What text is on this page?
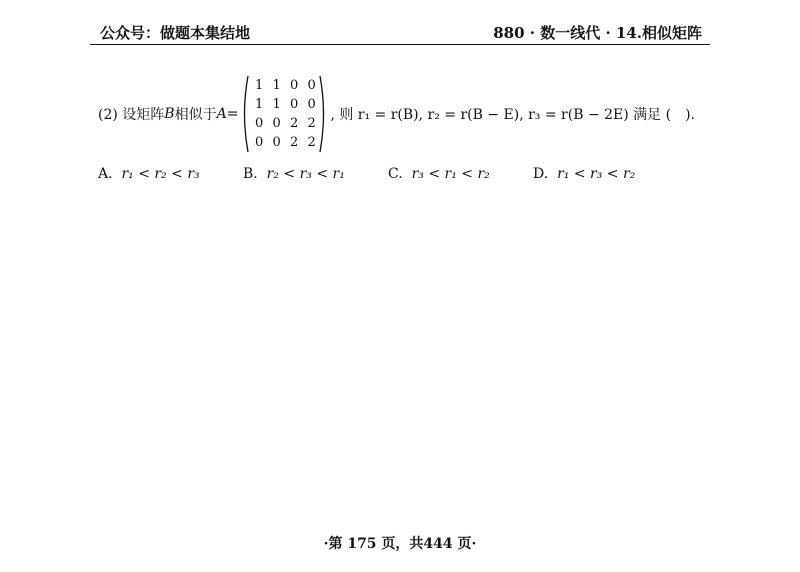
公众号：做题本集结地	880 · 数一线代 · 14.相似矩阵
(2) 设矩阵 B 相似于 A =
1 1 0 0
1 1 0 0
0 0 2 2
0 0 2 2
, 则 r₁ = r(B), r₂ = r(B − E), r₃ = r(B − 2E) 满足 (　).
A. r₁ < r₂ < r₃	B. r₂ < r₃ < r₁	C. r₃ < r₁ < r₂	D. r₁ < r₃ < r₂
·第 175 页，共444 页·
